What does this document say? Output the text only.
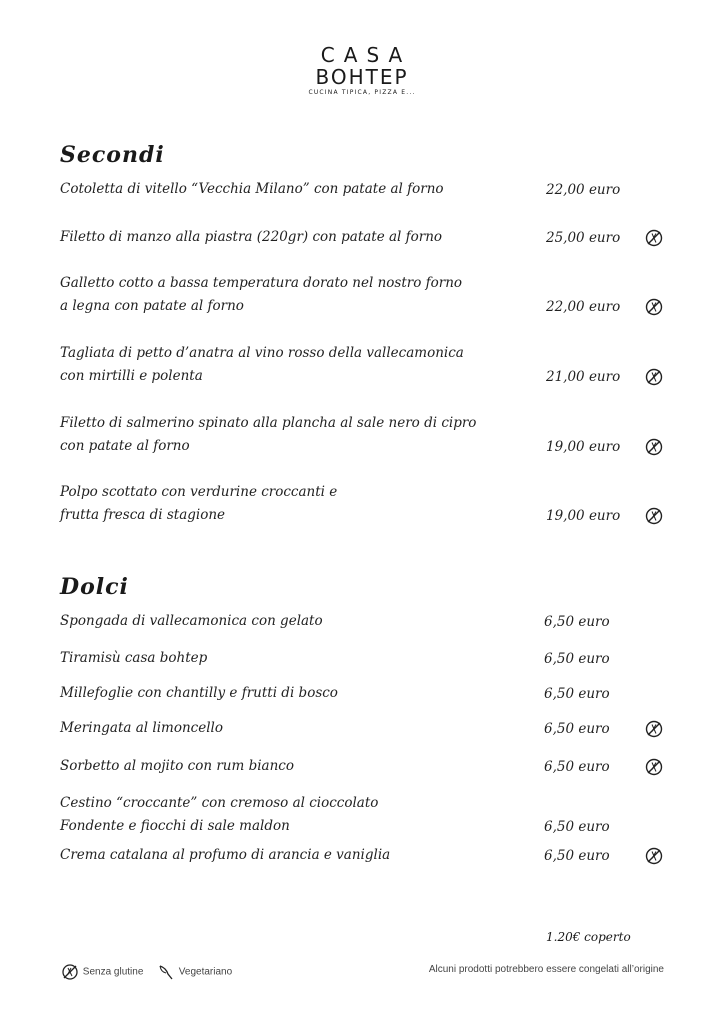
CASA
BOHTEP
CUCINA TIPICA, PIZZA E...
Secondi
Cotoletta di vitello “Vecchia Milano” con patate al forno	22,00 euro
Filetto di manzo alla piastra (220gr) con patate al forno	25,00 euro
Galletto cotto a bassa temperatura dorato nel nostro forno
a legna con patate al forno	22,00 euro
Tagliata di petto d’anatra al vino rosso della vallecamonica
con mirtilli e polenta	21,00 euro
Filetto di salmerino spinato alla plancha al sale nero di cipro
con patate al forno	19,00 euro
Polpo scottato con verdurine croccanti e
frutta fresca di stagione	19,00 euro
Dolci
Spongada di vallecamonica con gelato	6,50 euro
Tiramisù casa bohtep	6,50 euro
Millefoglie con chantilly e frutti di bosco	6,50 euro
Meringata al limoncello	6,50 euro
Sorbetto al mojito con rum bianco	6,50 euro
Cestino “croccante” con cremoso al cioccolato
Fondente e fiocchi di sale maldon	6,50 euro
Crema catalana al profumo di arancia e vaniglia	6,50 euro
1.20€ coperto
Senza glutine	Vegetariano	Alcuni prodotti potrebbero essere congelati all’origine
